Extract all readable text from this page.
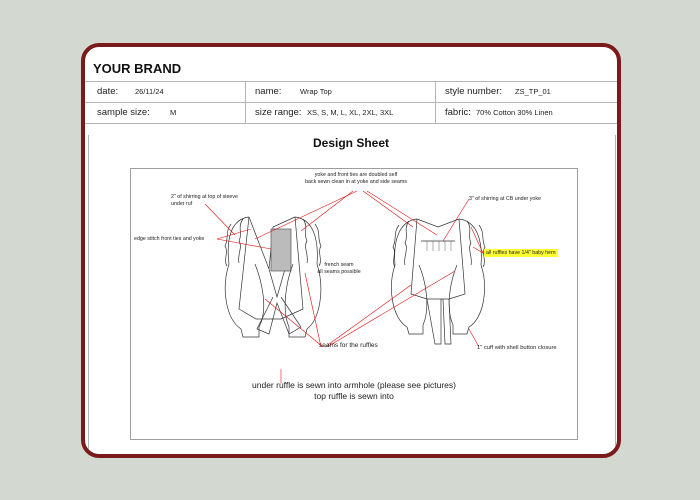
YOUR BRAND
date: 26/11/24	name: Wrap Top	style number: ZS_TP_01
sample size:	M	size range: XS, S, M, L, XL, 2XL, 3XL	fabric: 70% Cotton 30% Linen
Design Sheet
yoke and front ties are doubled self
back sewn clean in at yoke and side seams
2" of shirring at top of sleeve
under ruf
3" of shirring at CB under yoke
edge stitch front ties and yoke
french seam
all seams possible
all ruffles have 1/4" baby hem
seams for the ruffles	1" cuff with shell button closure
under ruffle is sewn into armhole (please see pictures)
top ruffle is sewn into
